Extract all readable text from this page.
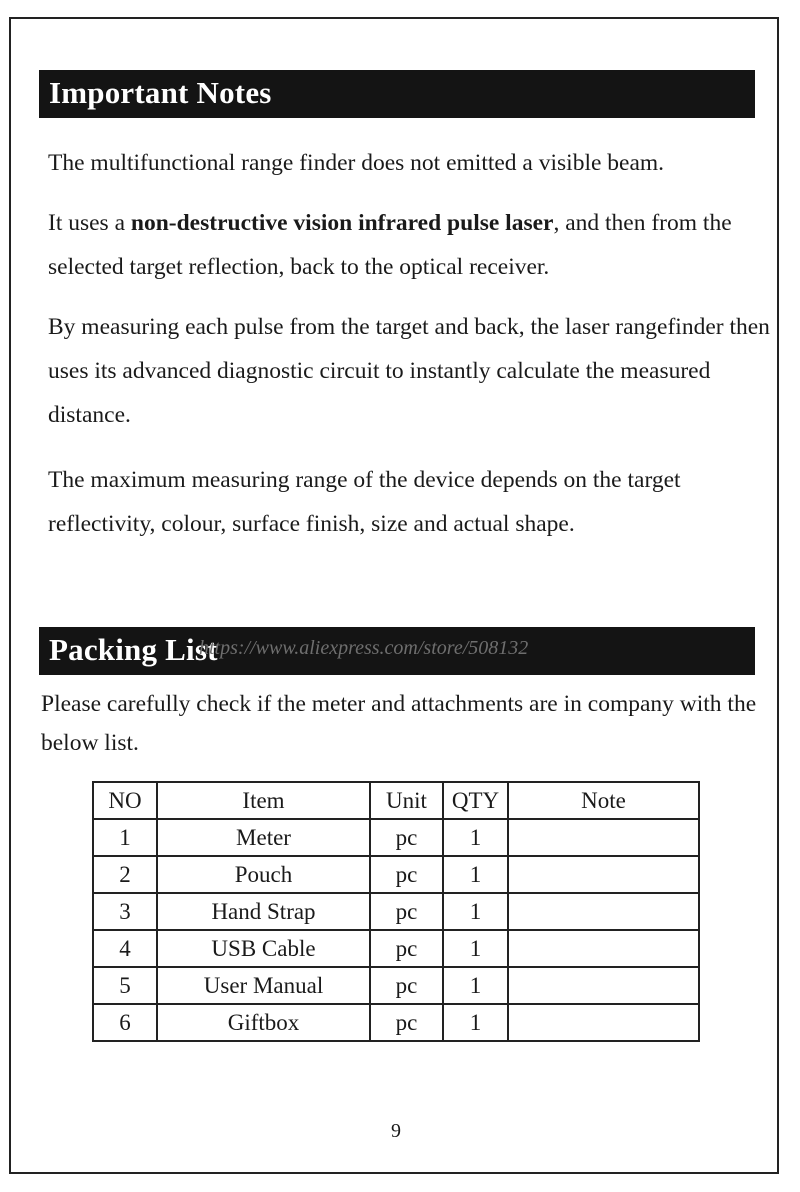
Important Notes

The multifunctional range finder does not emitted a visible beam.

It uses a non-destructive vision infrared pulse laser, and then from the selected target reflection, back to the optical receiver.

By measuring each pulse from the target and back, the laser rangefinder then uses its advanced diagnostic circuit to instantly calculate the measured distance.

The maximum measuring range of the device depends on the target reflectivity, colour, surface finish, size and actual shape.

Packing List
https://www.aliexpress.com/store/508132

Please carefully check if the meter and attachments are in company with the below list.

NO	Item	Unit	QTY	Note
1	Meter	pc	1	
2	Pouch	pc	1	
3	Hand Strap	pc	1	
4	USB Cable	pc	1	
5	User Manual	pc	1	
6	Giftbox	pc	1	
9
